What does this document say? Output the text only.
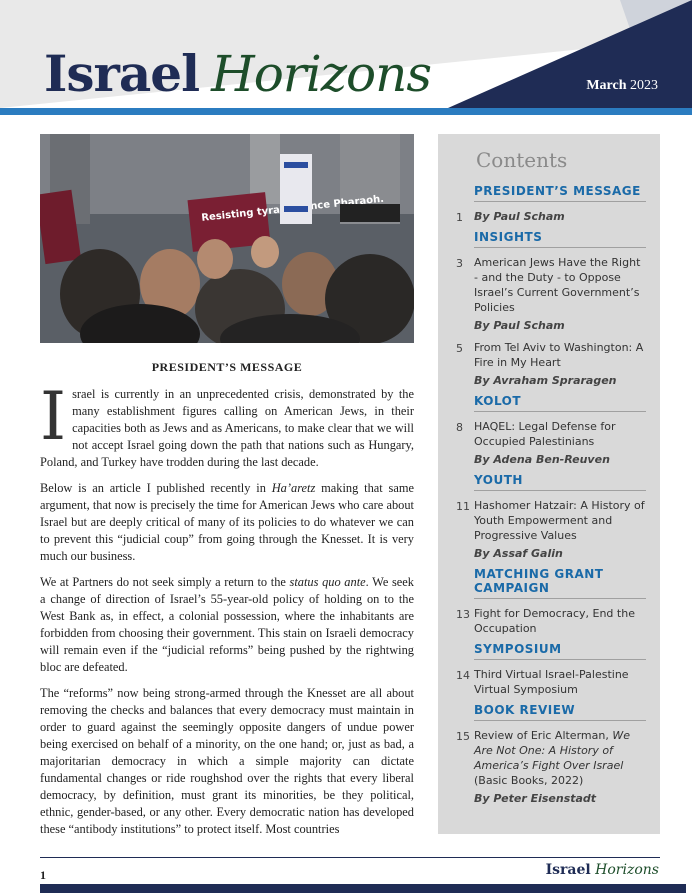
Israel Horizons	March 2023
Resisting tyrants since Pharaoh.
PRESIDENT’S MESSAGE

Israel is currently in an unprecedented crisis, demonstrated by the many establishment figures calling on American Jews, in their capacities both as Jews and as Americans, to make clear that we will not accept Israel going down the path that nations such as Hungary, Poland, and Turkey have trodden during the last decade.

Below is an article I published recently in Ha’aretz making that same argument, that now is precisely the time for American Jews who care about Israel but are deeply critical of many of its policies to do whatever we can to prevent this “judicial coup” from going through the Knesset. It is very much our business.

We at Partners do not seek simply a return to the status quo ante. We seek a change of direction of Israel’s 55-year-old policy of holding on to the West Bank as, in effect, a colonial possession, where the inhabitants are forbidden from choosing their government. This stain on Israeli democracy will remain even if the “judicial reforms” being pushed by the rightwing bloc are defeated.

The “reforms” now being strong-armed through the Knesset are all about removing the checks and balances that every democracy must maintain in order to guard against the seemingly opposite dangers of undue power being exercised on behalf of a minority, on the one hand; or, just as bad, a majoritarian democracy in which a simple majority can dictate fundamental changes or ride roughshod over the rights that every liberal democracy, by definition, must grant its minorities, be they political, ethnic, gender-based, or any other. Every democratic nation has developed these “antibody institutions” to protect itself. Most countries

Contents
PRESIDENT’S MESSAGE
1 By Paul Scham
INSIGHTS
3 American Jews Have the Right - and the Duty - to Oppose Israel’s Current Government’s Policies
By Paul Scham
5 From Tel Aviv to Washington: A Fire in My Heart
By Avraham Spraragen
KOLOT
8 HAQEL: Legal Defense for Occupied Palestinians
By Adena Ben-Reuven
YOUTH
11 Hashomer Hatzair: A History of Youth Empowerment and Progressive Values
By Assaf Galin
MATCHING GRANT CAMPAIGN
13 Fight for Democracy, End the Occupation
SYMPOSIUM
14 Third Virtual Israel-Palestine Virtual Symposium
BOOK REVIEW
15 Review of Eric Alterman, We Are Not One: A History of America’s Fight Over Israel (Basic Books, 2022)
By Peter Eisenstadt
1	Israel Horizons
